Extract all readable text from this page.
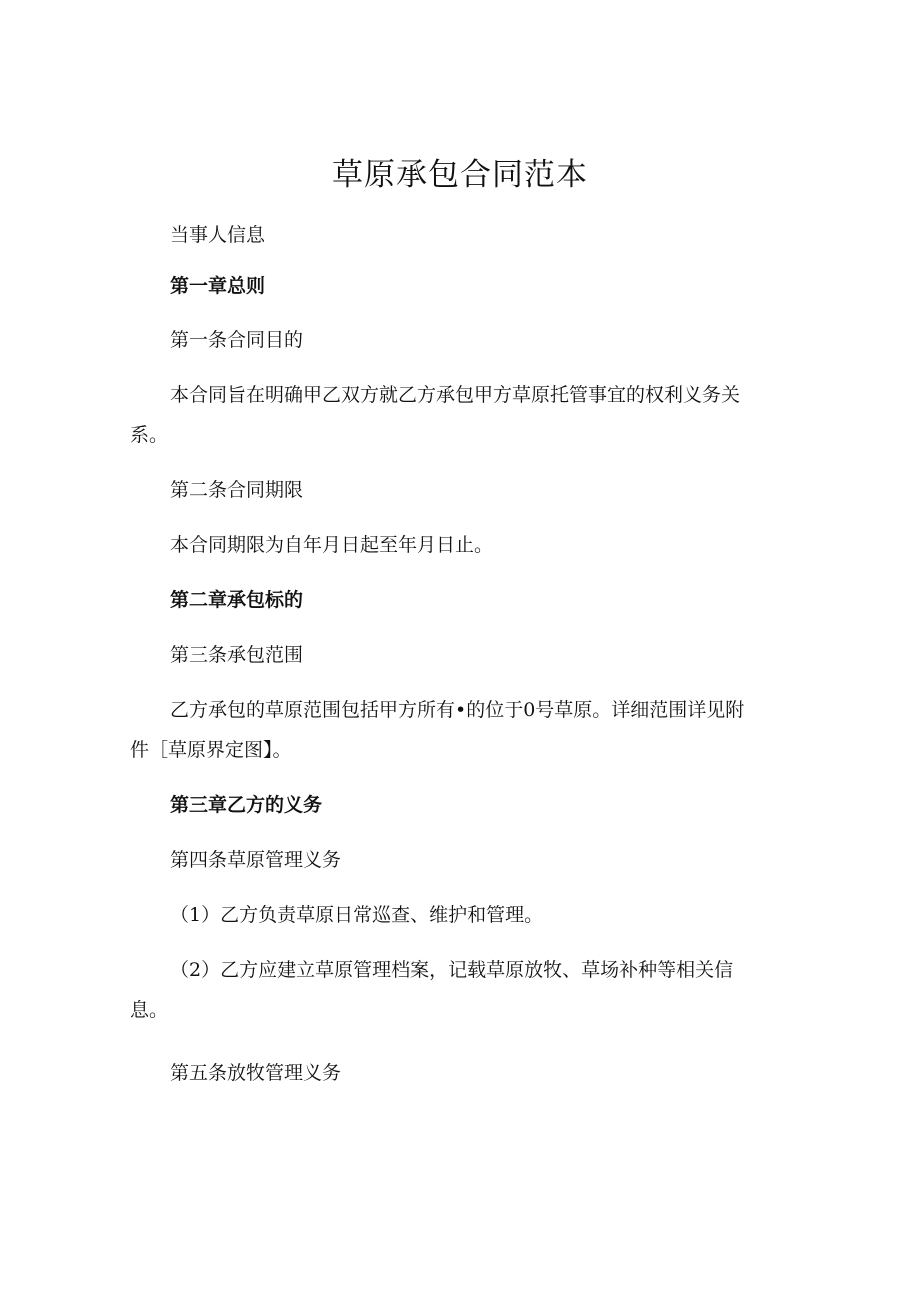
草原承包合同范本
当事人信息
第一章总则
第一条合同目的
本合同旨在明确甲乙双方就乙方承包甲方草原托管事宜的权利义务关
系。
第二条合同期限
本合同期限为自年月日起至年月日止。
第二章承包标的
第三条承包范围
乙方承包的草原范围包括甲方所有•的位于0号草原。详细范围详见附
件［草原界定图】。
第三章乙方的义务
第四条草原管理义务
（1）乙方负责草原日常巡查、维护和管理。
（2）乙方应建立草原管理档案，记载草原放牧、草场补种等相关信
息。
第五条放牧管理义务
